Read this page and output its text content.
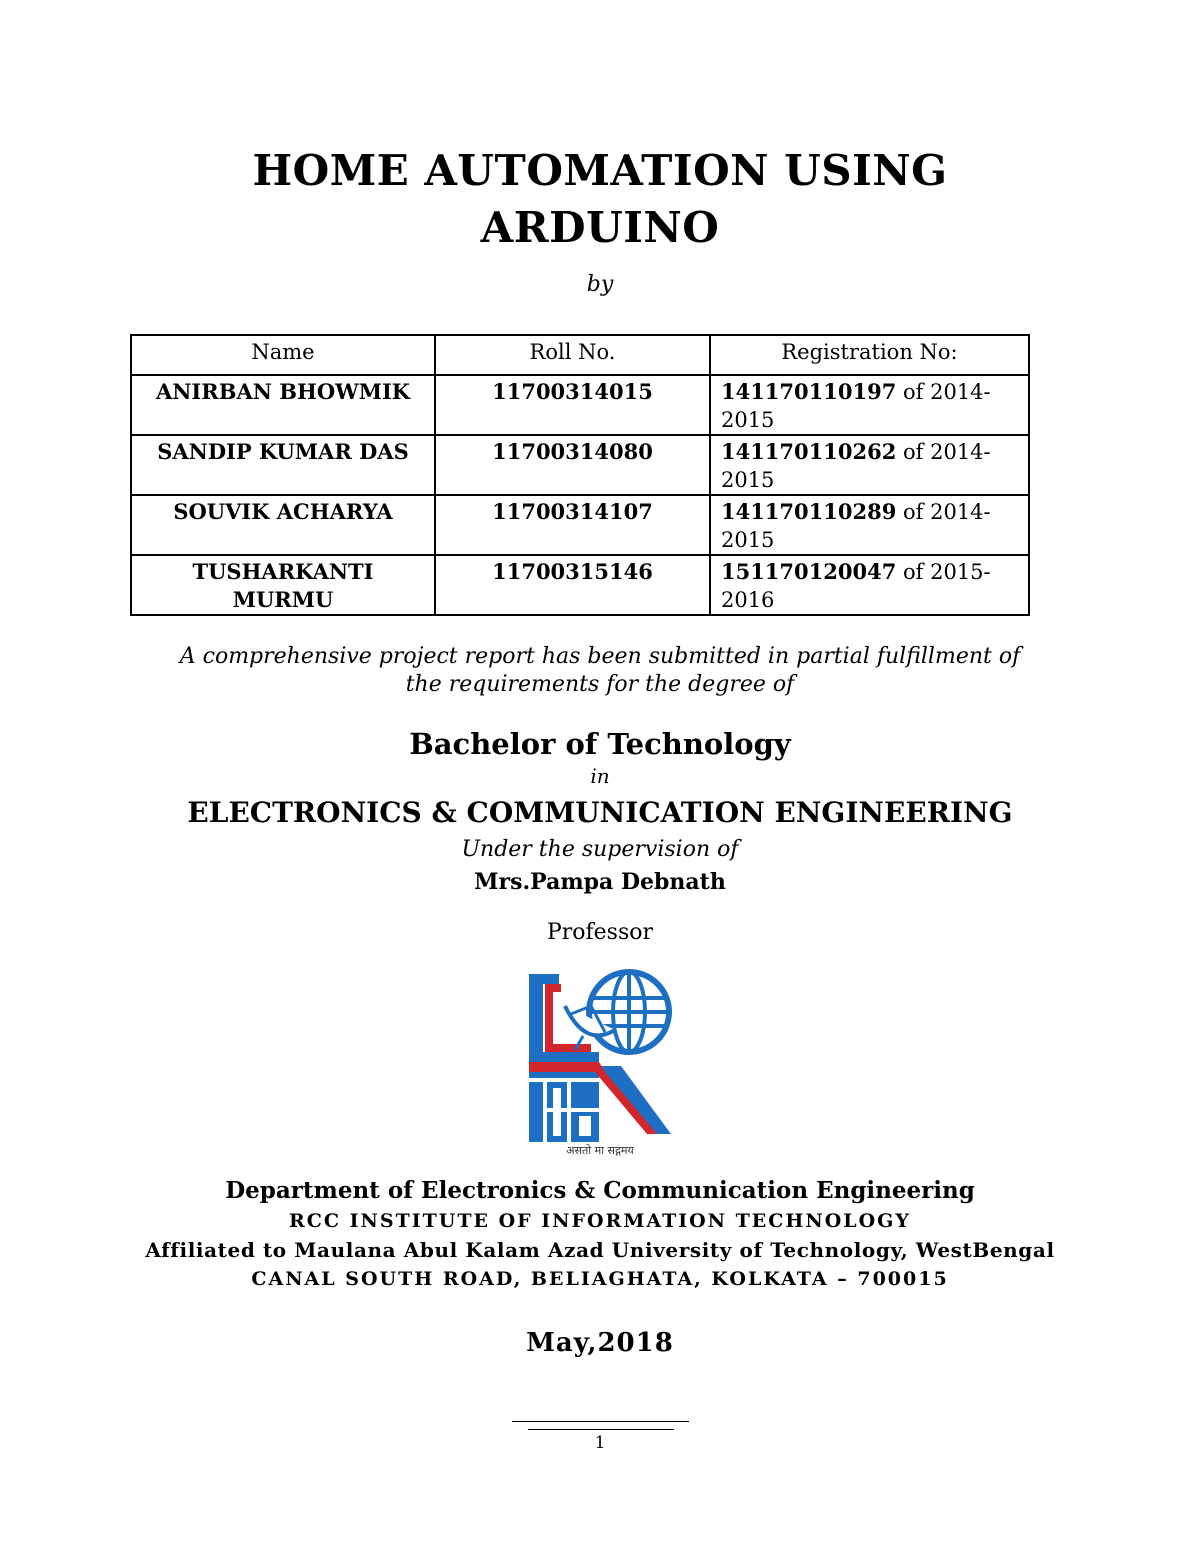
HOME AUTOMATION USING
ARDUINO
by
Name	Roll No.	Registration No:
ANIRBAN BHOWMIK	11700314015	141170110197 of 2014-2015
SANDIP KUMAR DAS	11700314080	141170110262 of 2014-2015
SOUVIK ACHARYA	11700314107	141170110289 of 2014-2015
TUSHARKANTI MURMU	11700315146	151170120047 of 2015-2016
A comprehensive project report has been submitted in partial fulfillment of
the requirements for the degree of
Bachelor of Technology
in
ELECTRONICS & COMMUNICATION ENGINEERING
Under the supervision of
Mrs.Pampa Debnath
Professor
असतो मा सद्गमय
Department of Electronics & Communication Engineering
RCC INSTITUTE OF INFORMATION TECHNOLOGY
Affiliated to Maulana Abul Kalam Azad University of Technology, WestBengal
CANAL SOUTH ROAD, BELIAGHATA, KOLKATA – 700015
May,2018
1
